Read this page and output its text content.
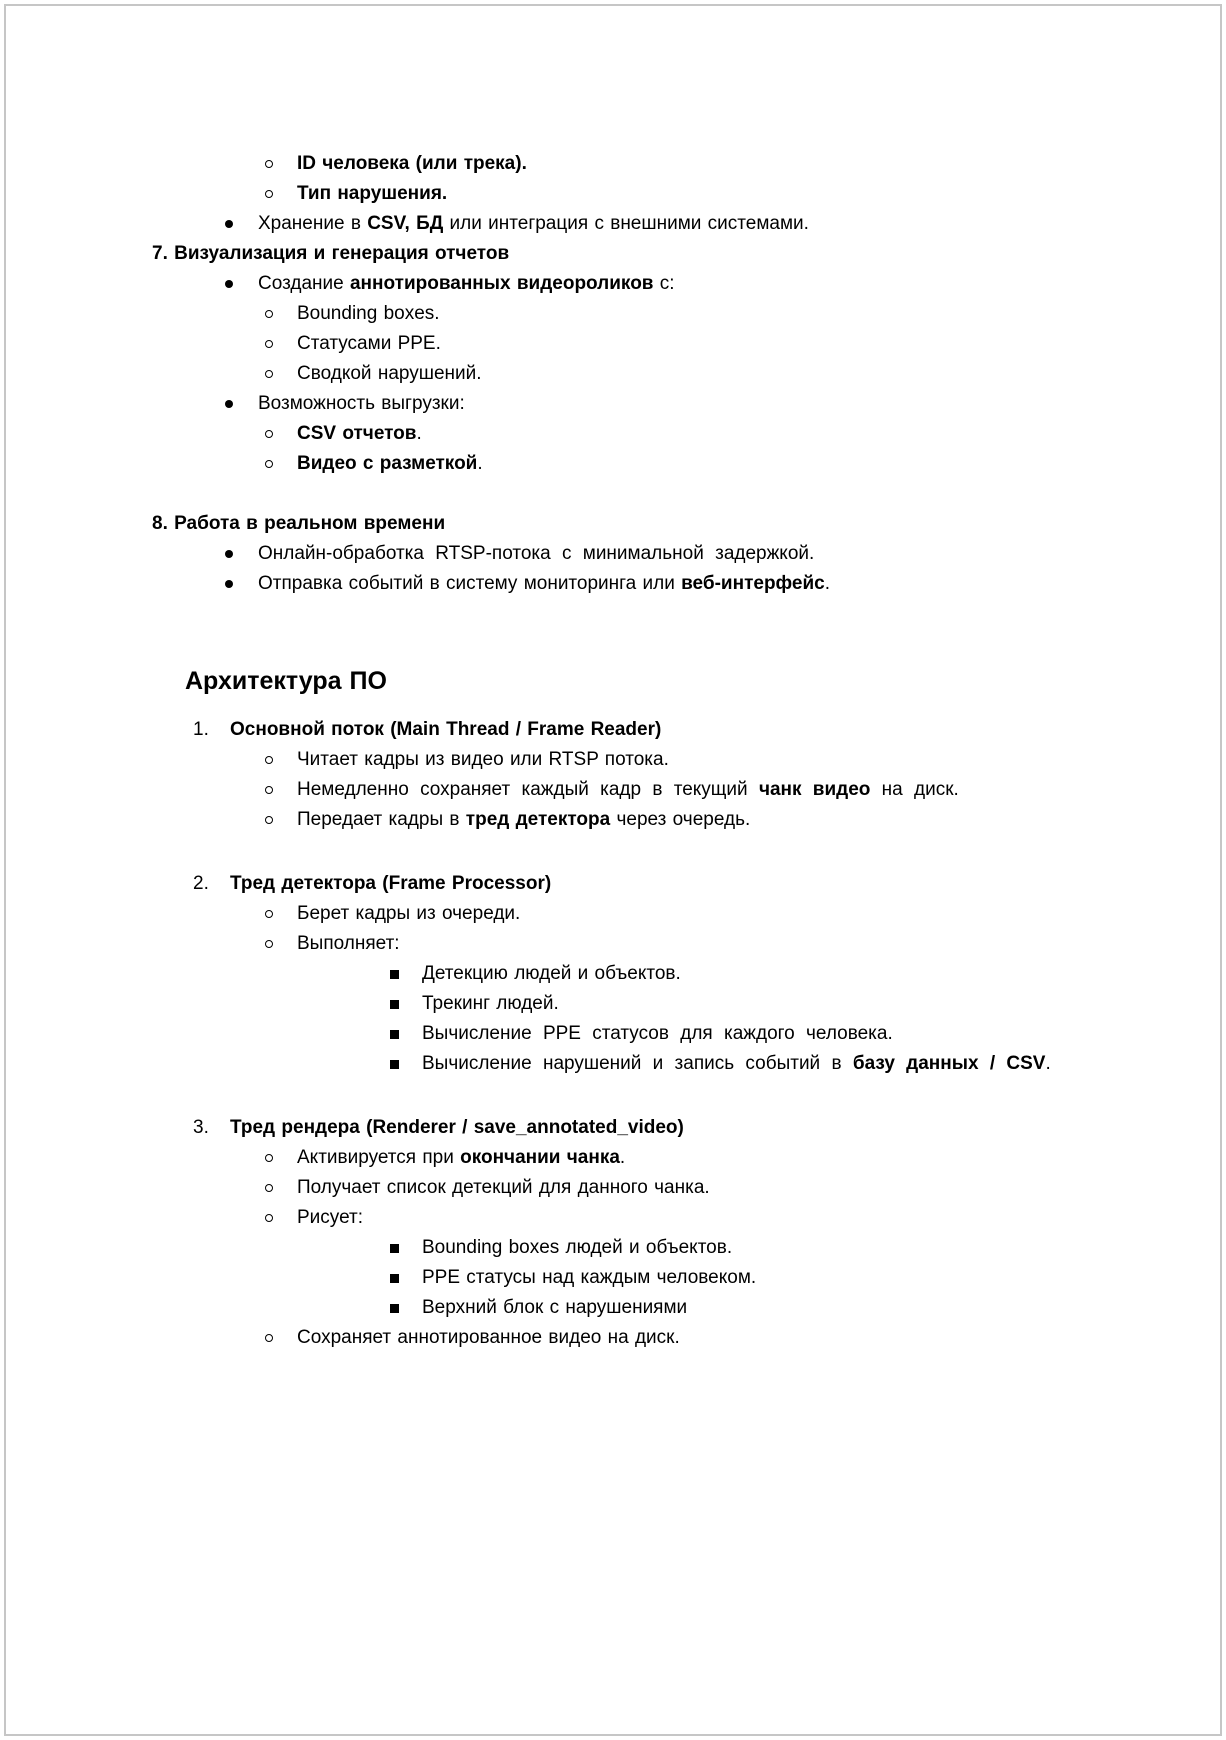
ID человека (или трека).
Тип нарушения.
Хранение в CSV, БД или интеграция с внешними системами.
7. Визуализация и генерация отчетов
Создание аннотированных видеороликов с:
Bounding boxes.
Статусами PPE.
Сводкой нарушений.
Возможность выгрузки:
CSV отчетов.
Видео с разметкой.
8. Работа в реальном времени
Онлайн-обработка RTSP-потока с минимальной задержкой.
Отправка событий в систему мониторинга или веб-интерфейс.
Архитектура ПО
1.	Основной поток (Main Thread / Frame Reader)
Читает кадры из видео или RTSP потока.
Немедленно сохраняет каждый кадр в текущий чанк видео на диск.
Передает кадры в тред детектора через очередь.
2.	Тред детектора (Frame Processor)
Берет кадры из очереди.
Выполняет:
Детекцию людей и объектов.
Трекинг людей.
Вычисление PPE статусов для каждого человека.
Вычисление нарушений и запись событий в базу данных / CSV.
3.	Тред рендера (Renderer / save_annotated_video)
Активируется при окончании чанка.
Получает список детекций для данного чанка.
Рисует:
Bounding boxes людей и объектов.
PPE статусы над каждым человеком.
Верхний блок с нарушениями
Сохраняет аннотированное видео на диск.
